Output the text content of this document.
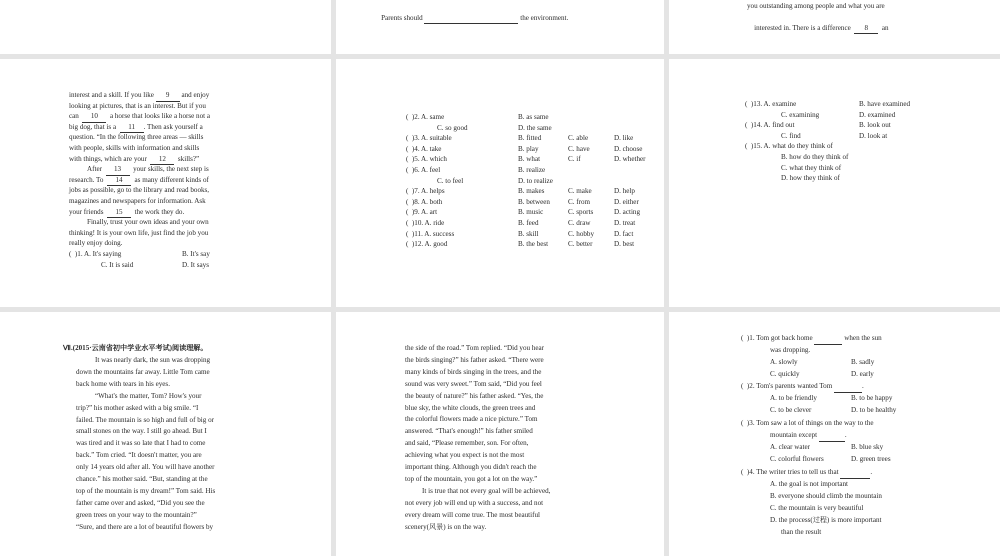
Parents should	the environment.

you outstanding among people and what you are

interested in. There is a difference 8 an

interest and a skill. If you like 9 and enjoy
looking at pictures, that is an interest. But if you
can 10 a horse that looks like a horse not a
big dog, that is a 11 . Then ask yourself a
question. “In the following three areas — skills
with people, skills with information and skills
with things, which are your 12 skills?”
After 13 your skills, the next step is
research. To 14 as many different kinds of
jobs as possible, go to the library and read books,
magazines and newspapers for information. Ask
your friends 15 the work they do.
Finally, trust your own ideas and your own
thinking! It is your own life, just find the job you
really enjoy doing.
(  )1. A. It's saying	B. It's say
C. It is said	D. It says
(  )2. A. same	B. as same
C. so good	D. the same
(  )3. A. suitable	B. fitted	C. able	D. like
(  )4. A. take	B. play	C. have	D. choose
(  )5. A. which	B. what	C. if	D. whether
(  )6. A. feel	B. realize
C. to feel	D. to realize
(  )7. A. helps	B. makes	C. make	D. help
(  )8. A. both	B. between	C. from	D. either
(  )9. A. art	B. music	C. sports	D. acting
(  )10. A. ride	B. feed	C. draw	D. treat
(  )11. A. success	B. skill	C. hobby	D. fact
(  )12. A. good	B. the best	C. better	D. best
(  )13. A. examine	B. have examined
C. examining	D. examined
(  )14. A. find out	B. look out
C. find	D. look at
(  )15. A. what do they think of
B. how do they think of
C. what they think of
D. how they think of
Ⅶ.(2015·云南省初中学业水平考试)阅读理解。
It was nearly dark, the sun was dropping
down the mountains far away. Little Tom came
back home with tears in his eyes.
“What's the matter, Tom? How's your
trip?” his mother asked with a big smile. “I
failed. The mountain is so high and full of big or
small stones on the way. I still go ahead. But I
was tired and it was so late that I had to come
back.” Tom cried. “It doesn't matter, you are
only 14 years old after all. You will have another
chance.” his mother said. “But, standing at the
top of the mountain is my dream!” Tom said. His
father came over and asked, “Did you see the
green trees on your way to the mountain?”
“Sure, and there are a lot of beautiful flowers by
the side of the road.” Tom replied. “Did you hear
the birds singing?” his father asked. “There were
many kinds of birds singing in the trees, and the
sound was very sweet.” Tom said, “Did you feel
the beauty of nature?” his father asked. “Yes, the
blue sky, the white clouds, the green trees and
the colorful flowers made a nice picture.” Tom
answered. “That's enough!” his father smiled
and said, “Please remember, son. For often,
achieving what you expect is not the most
important thing. Although you didn't reach the
top of the mountain, you got a lot on the way.”
It is true that not every goal will be achieved,
not every job will end up with a success, and not
every dream will come true. The most beautiful
scenery(风景) is on the way.
(  )1. Tom got back home	when the sun
was dropping.
A. slowly	B. sadly
C. quickly	D. early
(  )2. Tom's parents wanted Tom	.
A. to be friendly	B. to be happy
C. to be clever	D. to be healthy
(  )3. Tom saw a lot of things on the way to the
mountain except	.
A. clear water	B. blue sky
C. colorful flowers	D. green trees
(  )4. The writer tries to tell us that	.
A. the goal is not important
B. everyone should climb the mountain
C. the mountain is very beautiful
D. the process(过程) is more important
than the result
